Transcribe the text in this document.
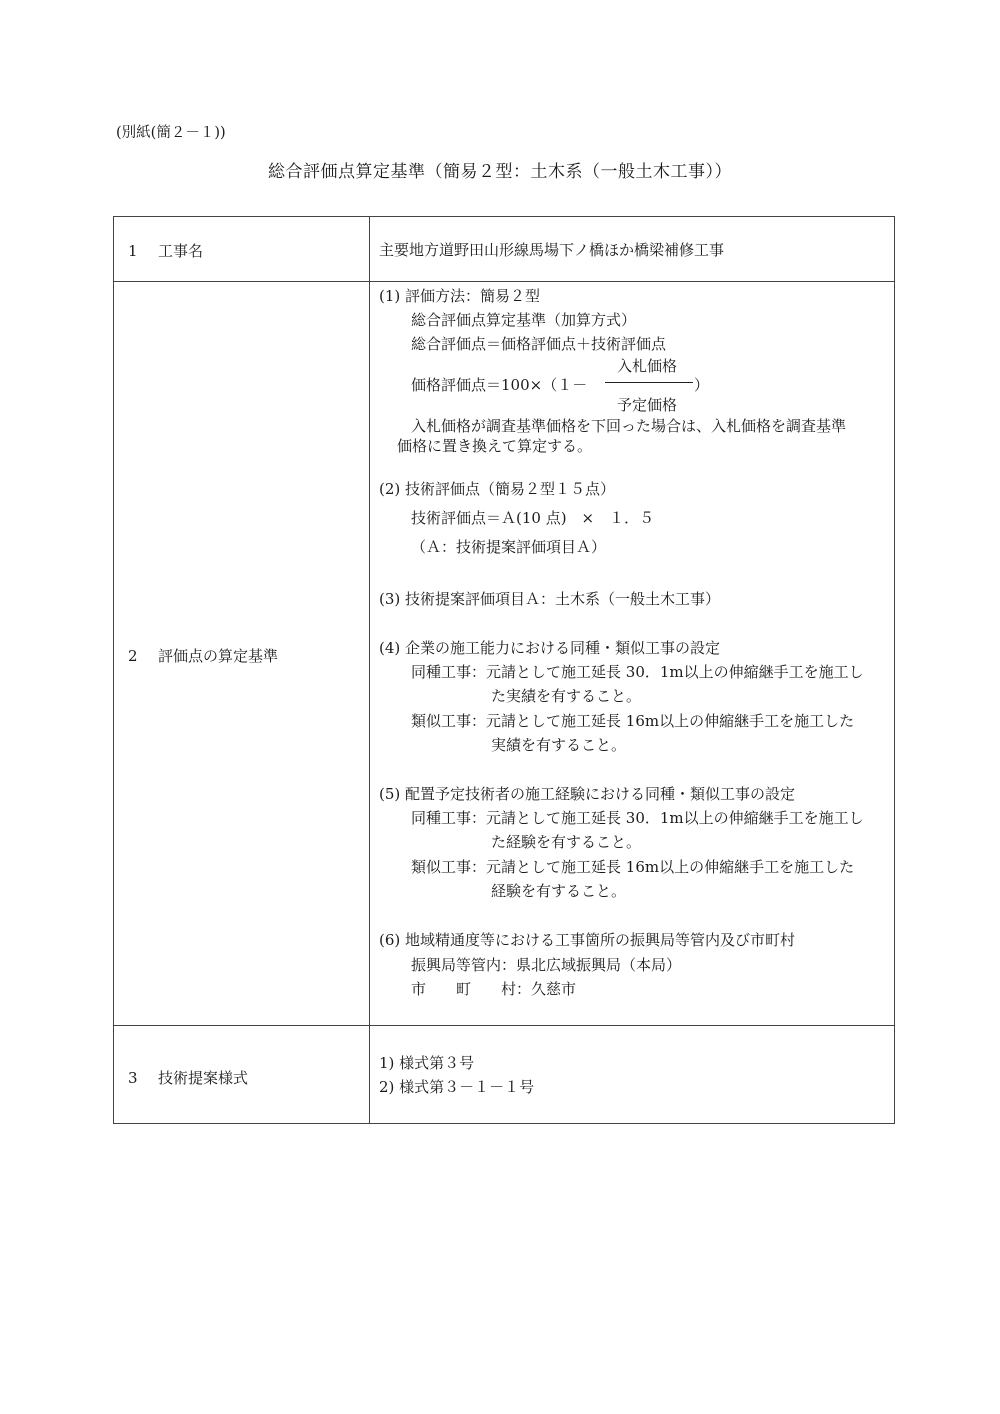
(別紙(簡２－１))
総合評価点算定基準（簡易２型：土木系（一般土木工事））
1 工事名	主要地方道野田山形線馬場下ノ橋ほか橋梁補修工事
2 評価点の算定基準
(1) 評価方法：簡易２型
総合評価点算定基準（加算方式）
総合評価点＝価格評価点＋技術評価点
入札価格
価格評価点＝100×（１－	）
予定価格
入札価格が調査基準価格を下回った場合は、入札価格を調査基準
価格に置き換えて算定する。
(2) 技術評価点（簡易２型１５点）
技術評価点＝Ａ(10 点)　×　１．５
（Ａ：技術提案評価項目Ａ）
(3) 技術提案評価項目Ａ：土木系（一般土木工事）
(4) 企業の施工能力における同種・類似工事の設定
同種工事：元請として施工延長 30．1m以上の伸縮継手工を施工し
た実績を有すること。
類似工事：元請として施工延長 16m以上の伸縮継手工を施工した
実績を有すること。
(5) 配置予定技術者の施工経験における同種・類似工事の設定
同種工事：元請として施工延長 30．1m以上の伸縮継手工を施工し
た経験を有すること。
類似工事：元請として施工延長 16m以上の伸縮継手工を施工した
経験を有すること。
(6) 地域精通度等における工事箇所の振興局等管内及び市町村
振興局等管内：県北広域振興局（本局）
市　　町　　村：久慈市
3 技術提案様式
1) 様式第３号
2) 様式第３－１－１号
